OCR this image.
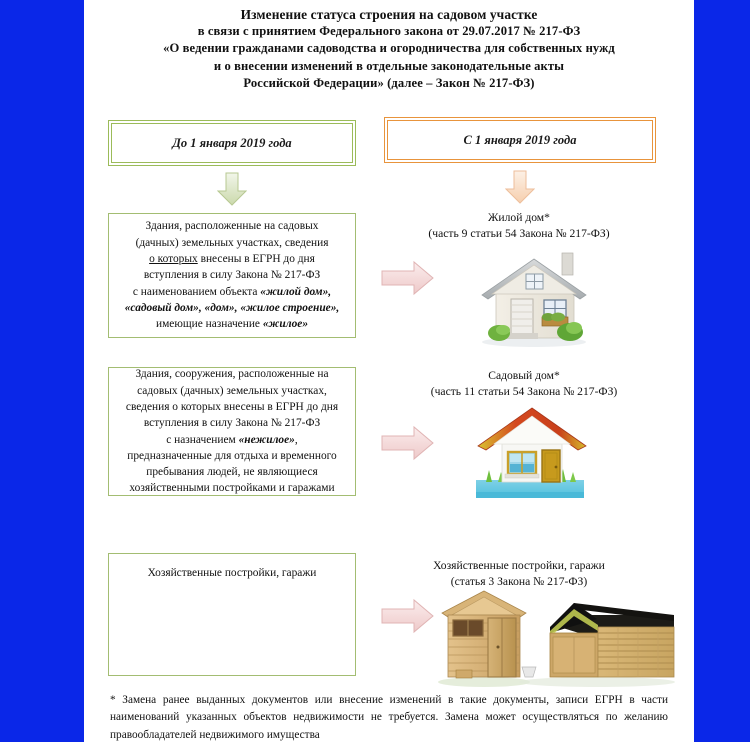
Изменение статуса строения на садовом участке
в связи с принятием Федерального закона от 29.07.2017 № 217-ФЗ
«О ведении гражданами садоводства и огородничества для собственных нужд
и о внесении изменений в отдельные законодательные акты
Российской Федерации» (далее – Закон № 217-ФЗ)
До 1 января 2019 года	С 1 января 2019 года
Здания, расположенные на садовых
(дачных) земельных участках, сведения
о которых внесены в ЕГРН до дня
вступления в силу Закона № 217-ФЗ
с наименованием объекта «жилой дом»,
«садовый дом», «дом», «жилое строение»,
имеющие назначение «жилое»
Жилой дом*
(часть 9 статьи 54 Закона № 217-ФЗ)
Здания, сооружения, расположенные на
садовых (дачных) земельных участках,
сведения о которых внесены в ЕГРН до дня
вступления в силу Закона № 217-ФЗ
с назначением «нежилое»,
предназначенные для отдыха и временного
пребывания людей, не являющиеся
хозяйственными постройками и гаражами
Садовый дом*
(часть 11 статьи 54 Закона № 217-ФЗ)
Хозяйственные постройки, гаражи
Хозяйственные постройки, гаражи
(статья 3 Закона № 217-ФЗ)

* Замена ранее выданных документов или внесение изменений в такие документы, записи ЕГРН в части наименований указанных объектов недвижимости не требуется. Замена может осуществляться по желанию правообладателей недвижимого имущества
